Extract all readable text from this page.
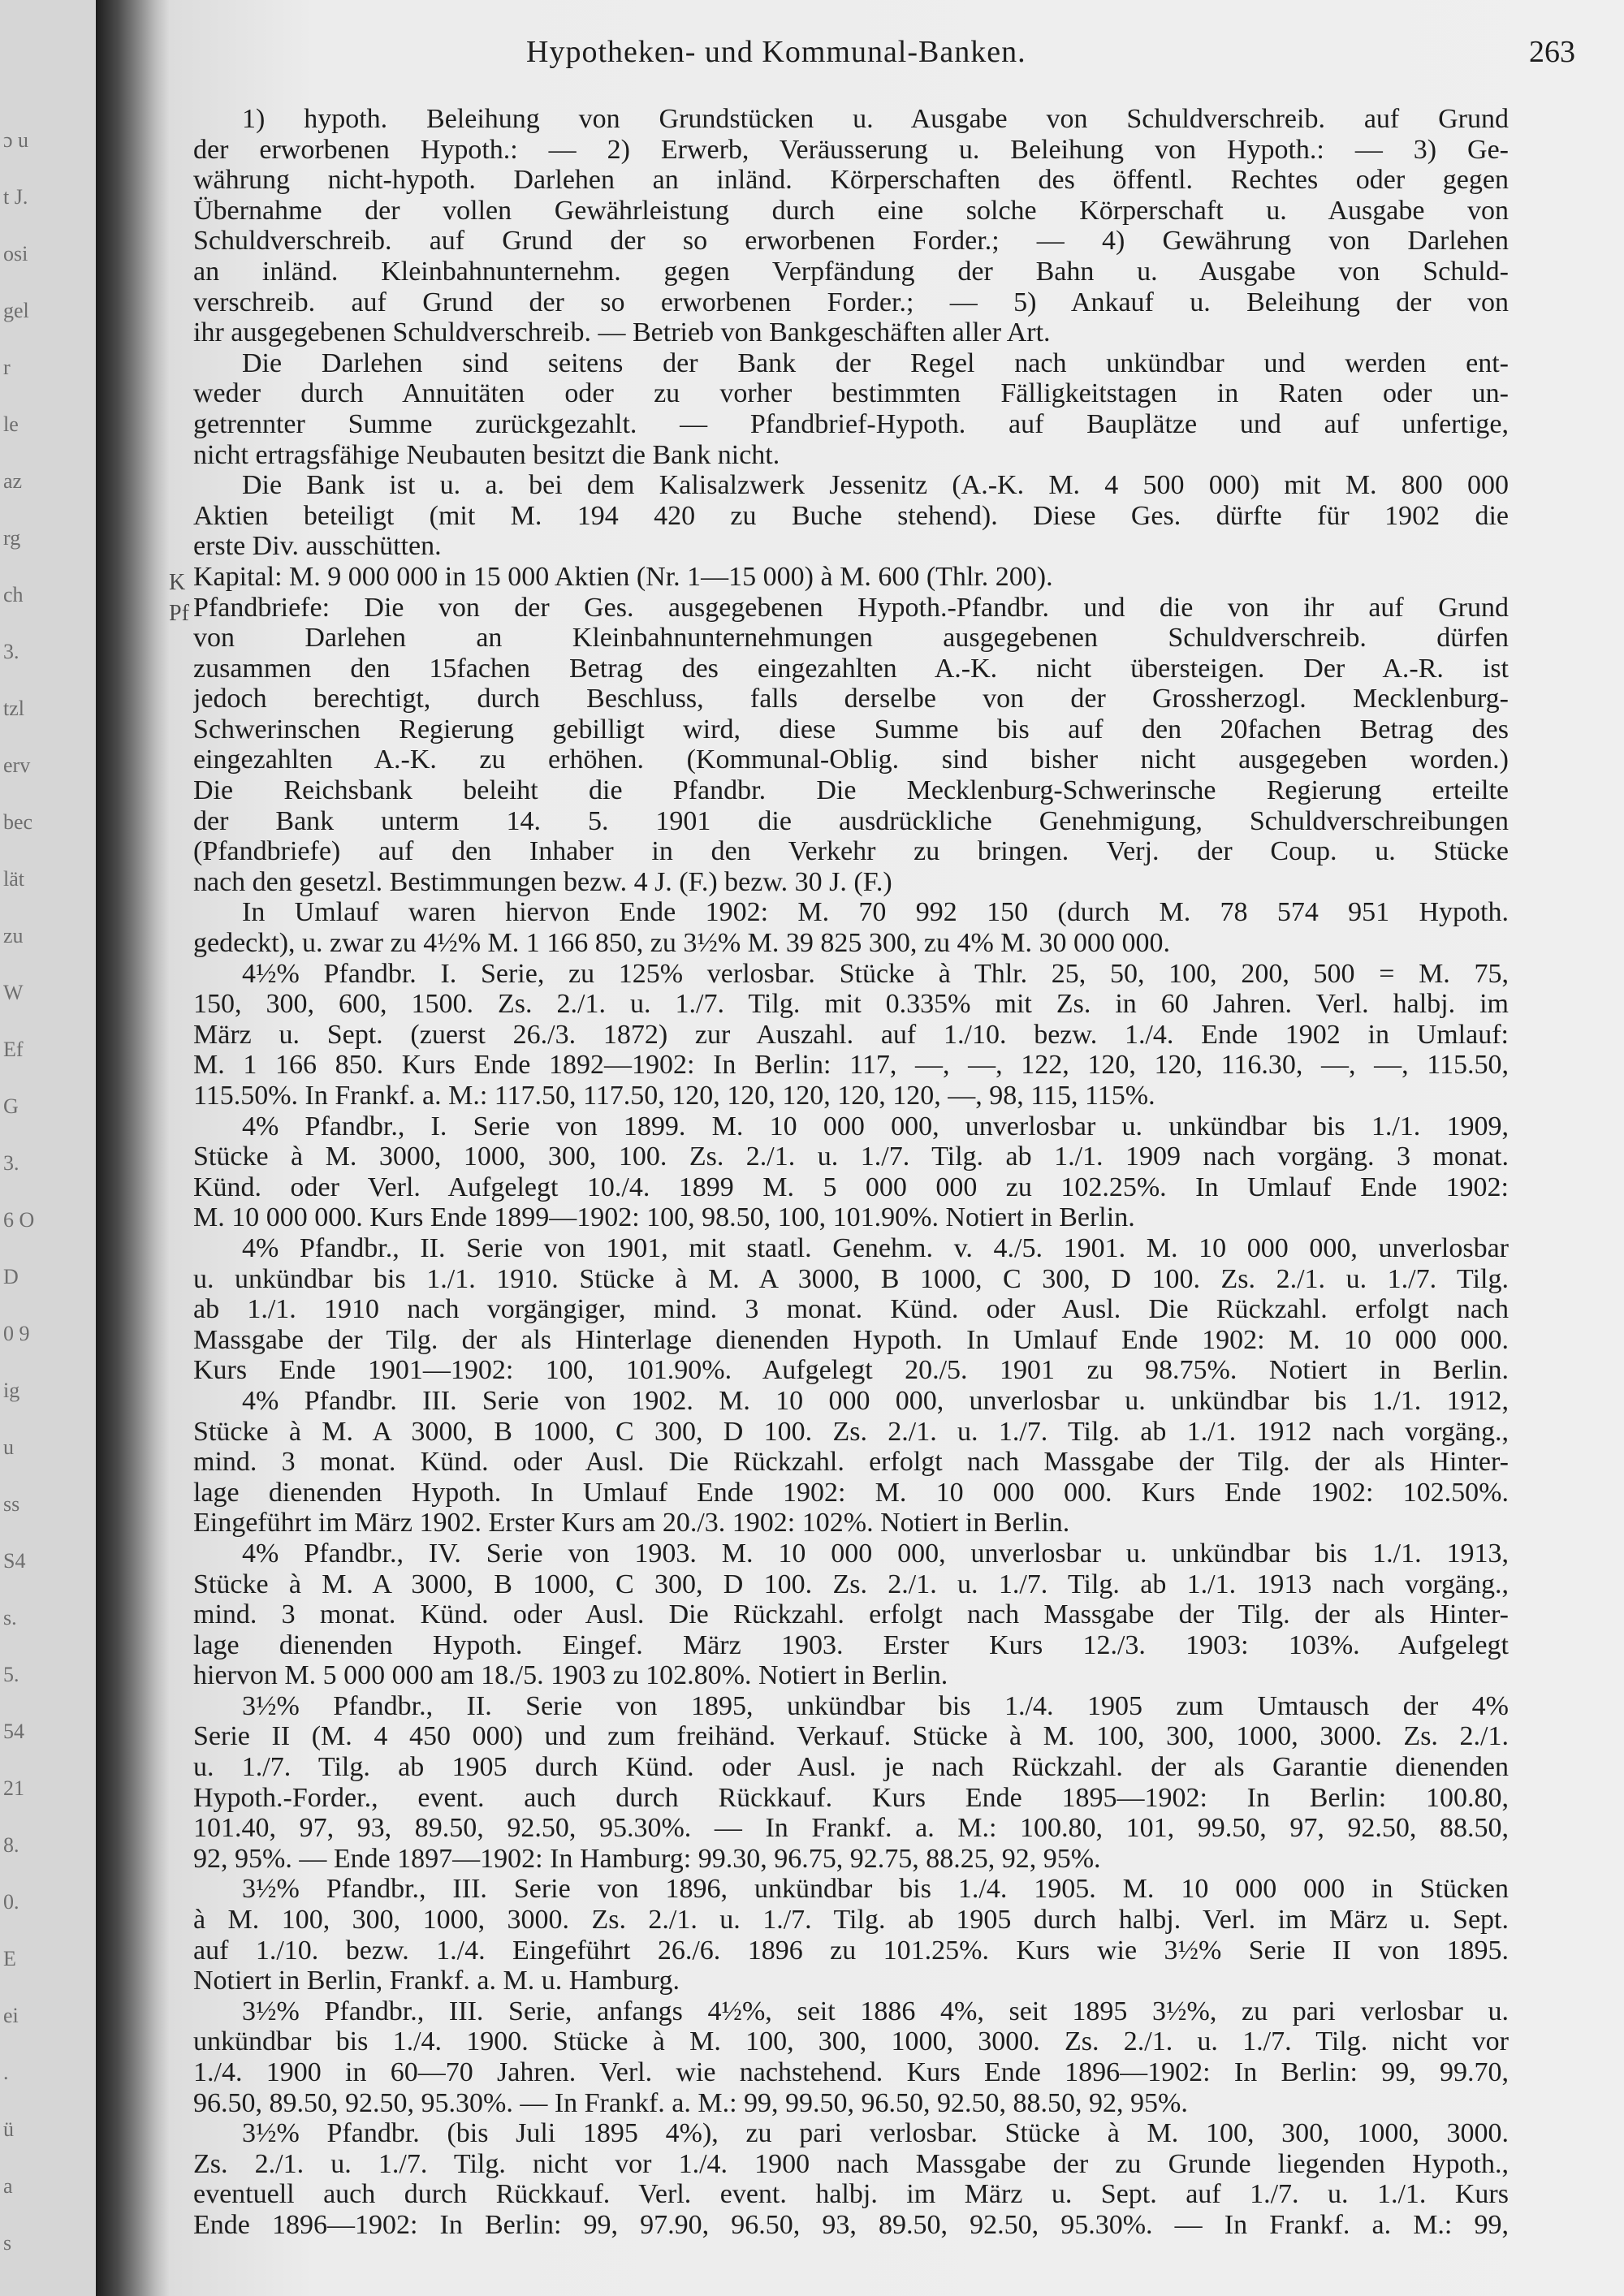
ɔ u
t J.
osi
gel
r
le
az
rg
ch
3.
tzl
erv
bec
lät
zu
W
Ef
G
3.
6 O
D
0 9
ig
u
ss
S4
s.
5.
54
21
8.
0.
E
ei
.
ü
a
s
Hypotheken- und Kommunal-Banken.	263
K
Pf
1) hypoth. Beleihung von Grundstücken u. Ausgabe von Schuldverschreib. auf Grund
der erworbenen Hypoth.: — 2) Erwerb, Veräusserung u. Beleihung von Hypoth.: — 3) Ge-
währung nicht-hypoth. Darlehen an inländ. Körperschaften des öffentl. Rechtes oder gegen
Übernahme der vollen Gewährleistung durch eine solche Körperschaft u. Ausgabe von
Schuldverschreib. auf Grund der so erworbenen Forder.; — 4) Gewährung von Darlehen
an inländ. Kleinbahnunternehm. gegen Verpfändung der Bahn u. Ausgabe von Schuld-
verschreib. auf Grund der so erworbenen Forder.; — 5) Ankauf u. Beleihung der von
ihr ausgegebenen Schuldverschreib. — Betrieb von Bankgeschäften aller Art.
Die Darlehen sind seitens der Bank der Regel nach unkündbar und werden ent-
weder durch Annuitäten oder zu vorher bestimmten Fälligkeitstagen in Raten oder un-
getrennter Summe zurückgezahlt. — Pfandbrief-Hypoth. auf Bauplätze und auf unfertige,
nicht ertragsfähige Neubauten besitzt die Bank nicht.
Die Bank ist u. a. bei dem Kalisalzwerk Jessenitz (A.-K. M. 4 500 000) mit M. 800 000
Aktien beteiligt (mit M. 194 420 zu Buche stehend). Diese Ges. dürfte für 1902 die
erste Div. ausschütten.
Kapital: M. 9 000 000 in 15 000 Aktien (Nr. 1—15 000) à M. 600 (Thlr. 200).
Pfandbriefe: Die von der Ges. ausgegebenen Hypoth.-Pfandbr. und die von ihr auf Grund
von Darlehen an Kleinbahnunternehmungen ausgegebenen Schuldverschreib. dürfen
zusammen den 15fachen Betrag des eingezahlten A.-K. nicht übersteigen. Der A.-R. ist
jedoch berechtigt, durch Beschluss, falls derselbe von der Grossherzogl. Mecklenburg-
Schwerinschen Regierung gebilligt wird, diese Summe bis auf den 20fachen Betrag des
eingezahlten A.-K. zu erhöhen. (Kommunal-Oblig. sind bisher nicht ausgegeben worden.)
Die Reichsbank beleiht die Pfandbr. Die Mecklenburg-Schwerinsche Regierung erteilte
der Bank unterm 14. 5. 1901 die ausdrückliche Genehmigung, Schuldverschreibungen
(Pfandbriefe) auf den Inhaber in den Verkehr zu bringen. Verj. der Coup. u. Stücke
nach den gesetzl. Bestimmungen bezw. 4 J. (F.) bezw. 30 J. (F.)
In Umlauf waren hiervon Ende 1902: M. 70 992 150 (durch M. 78 574 951 Hypoth.
gedeckt), u. zwar zu 4½% M. 1 166 850, zu 3½% M. 39 825 300, zu 4% M. 30 000 000.
4½% Pfandbr. I. Serie, zu 125% verlosbar. Stücke à Thlr. 25, 50, 100, 200, 500 = M. 75,
150, 300, 600, 1500. Zs. 2./1. u. 1./7. Tilg. mit 0.335% mit Zs. in 60 Jahren. Verl. halbj. im
März u. Sept. (zuerst 26./3. 1872) zur Auszahl. auf 1./10. bezw. 1./4. Ende 1902 in Umlauf:
M. 1 166 850. Kurs Ende 1892—1902: In Berlin: 117, —, —, 122, 120, 120, 116.30, —, —, 115.50,
115.50%. In Frankf. a. M.: 117.50, 117.50, 120, 120, 120, 120, 120, —, 98, 115, 115%.
4% Pfandbr., I. Serie von 1899. M. 10 000 000, unverlosbar u. unkündbar bis 1./1. 1909,
Stücke à M. 3000, 1000, 300, 100. Zs. 2./1. u. 1./7. Tilg. ab 1./1. 1909 nach vorgäng. 3 monat.
Künd. oder Verl. Aufgelegt 10./4. 1899 M. 5 000 000 zu 102.25%. In Umlauf Ende 1902:
M. 10 000 000. Kurs Ende 1899—1902: 100, 98.50, 100, 101.90%. Notiert in Berlin.
4% Pfandbr., II. Serie von 1901, mit staatl. Genehm. v. 4./5. 1901. M. 10 000 000, unverlosbar
u. unkündbar bis 1./1. 1910. Stücke à M. A 3000, B 1000, C 300, D 100. Zs. 2./1. u. 1./7. Tilg.
ab 1./1. 1910 nach vorgängiger, mind. 3 monat. Künd. oder Ausl. Die Rückzahl. erfolgt nach
Massgabe der Tilg. der als Hinterlage dienenden Hypoth. In Umlauf Ende 1902: M. 10 000 000.
Kurs Ende 1901—1902: 100, 101.90%. Aufgelegt 20./5. 1901 zu 98.75%. Notiert in Berlin.
4% Pfandbr. III. Serie von 1902. M. 10 000 000, unverlosbar u. unkündbar bis 1./1. 1912,
Stücke à M. A 3000, B 1000, C 300, D 100. Zs. 2./1. u. 1./7. Tilg. ab 1./1. 1912 nach vorgäng.,
mind. 3 monat. Künd. oder Ausl. Die Rückzahl. erfolgt nach Massgabe der Tilg. der als Hinter-
lage dienenden Hypoth. In Umlauf Ende 1902: M. 10 000 000. Kurs Ende 1902: 102.50%.
Eingeführt im März 1902. Erster Kurs am 20./3. 1902: 102%. Notiert in Berlin.
4% Pfandbr., IV. Serie von 1903. M. 10 000 000, unverlosbar u. unkündbar bis 1./1. 1913,
Stücke à M. A 3000, B 1000, C 300, D 100. Zs. 2./1. u. 1./7. Tilg. ab 1./1. 1913 nach vorgäng.,
mind. 3 monat. Künd. oder Ausl. Die Rückzahl. erfolgt nach Massgabe der Tilg. der als Hinter-
lage dienenden Hypoth. Eingef. März 1903. Erster Kurs 12./3. 1903: 103%. Aufgelegt
hiervon M. 5 000 000 am 18./5. 1903 zu 102.80%. Notiert in Berlin.
3½% Pfandbr., II. Serie von 1895, unkündbar bis 1./4. 1905 zum Umtausch der 4%
Serie II (M. 4 450 000) und zum freihänd. Verkauf. Stücke à M. 100, 300, 1000, 3000. Zs. 2./1.
u. 1./7. Tilg. ab 1905 durch Künd. oder Ausl. je nach Rückzahl. der als Garantie dienenden
Hypoth.-Forder., event. auch durch Rückkauf. Kurs Ende 1895—1902: In Berlin: 100.80,
101.40, 97, 93, 89.50, 92.50, 95.30%. — In Frankf. a. M.: 100.80, 101, 99.50, 97, 92.50, 88.50,
92, 95%. — Ende 1897—1902: In Hamburg: 99.30, 96.75, 92.75, 88.25, 92, 95%.
3½% Pfandbr., III. Serie von 1896, unkündbar bis 1./4. 1905. M. 10 000 000 in Stücken
à M. 100, 300, 1000, 3000. Zs. 2./1. u. 1./7. Tilg. ab 1905 durch halbj. Verl. im März u. Sept.
auf 1./10. bezw. 1./4. Eingeführt 26./6. 1896 zu 101.25%. Kurs wie 3½% Serie II von 1895.
Notiert in Berlin, Frankf. a. M. u. Hamburg.
3½% Pfandbr., III. Serie, anfangs 4½%, seit 1886 4%, seit 1895 3½%, zu pari verlosbar u.
unkündbar bis 1./4. 1900. Stücke à M. 100, 300, 1000, 3000. Zs. 2./1. u. 1./7. Tilg. nicht vor
1./4. 1900 in 60—70 Jahren. Verl. wie nachstehend. Kurs Ende 1896—1902: In Berlin: 99, 99.70,
96.50, 89.50, 92.50, 95.30%. — In Frankf. a. M.: 99, 99.50, 96.50, 92.50, 88.50, 92, 95%.
3½% Pfandbr. (bis Juli 1895 4%), zu pari verlosbar. Stücke à M. 100, 300, 1000, 3000.
Zs. 2./1. u. 1./7. Tilg. nicht vor 1./4. 1900 nach Massgabe der zu Grunde liegenden Hypoth.,
eventuell auch durch Rückkauf. Verl. event. halbj. im März u. Sept. auf 1./7. u. 1./1. Kurs
Ende 1896—1902: In Berlin: 99, 97.90, 96.50, 93, 89.50, 92.50, 95.30%. — In Frankf. a. M.: 99,
